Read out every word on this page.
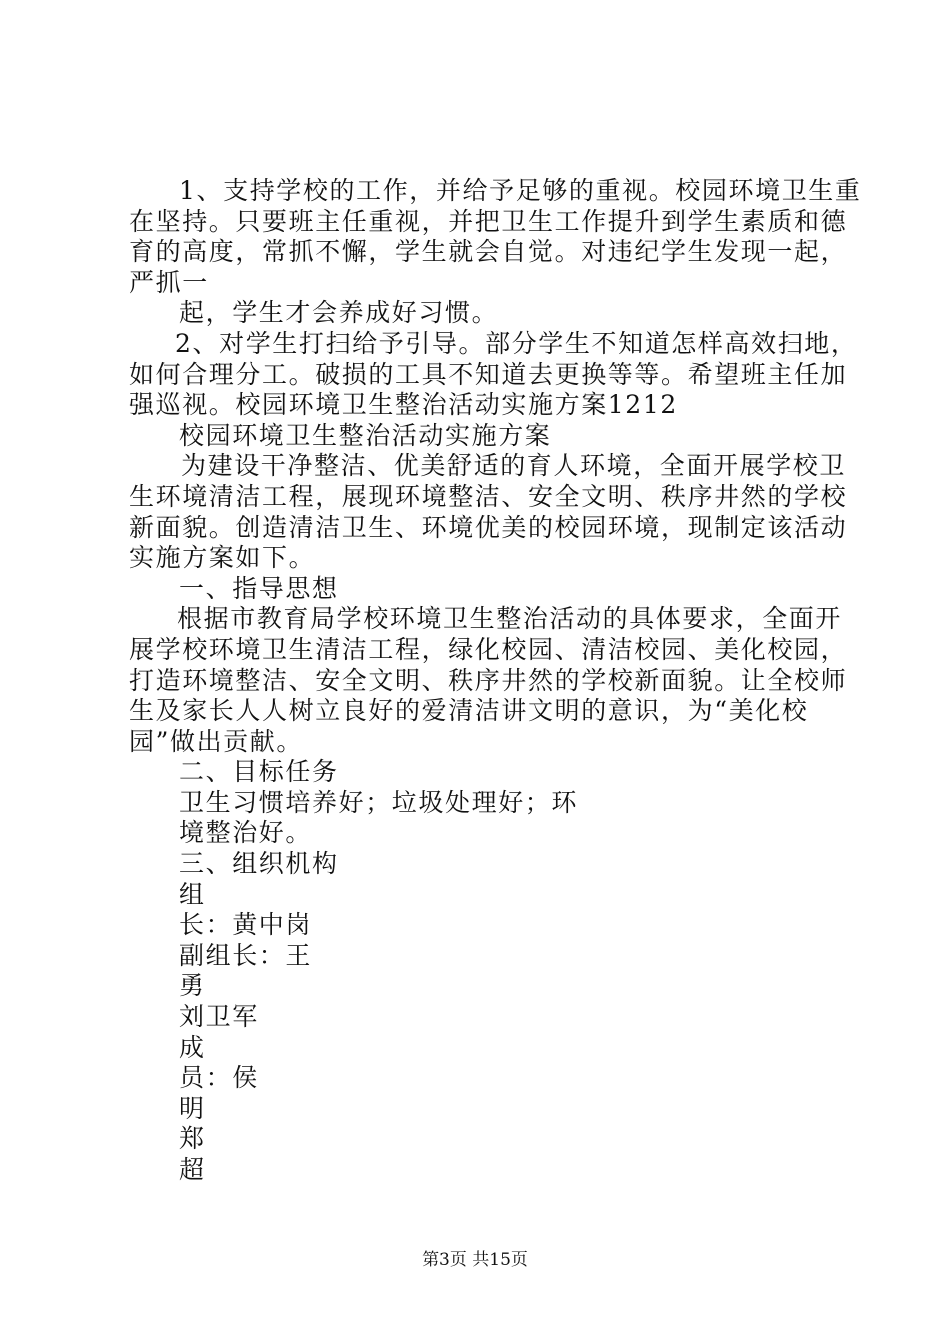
1、支持学校的工作，并给予足够的重视。校园环境卫生重
在坚持。只要班主任重视，并把卫生工作提升到学生素质和德
育的高度，常抓不懈，学生就会自觉。对违纪学生发现一起，
严抓一
起，学生才会养成好习惯。
2、对学生打扫给予引导。部分学生不知道怎样高效扫地，
如何合理分工。破损的工具不知道去更换等等。希望班主任加
强巡视。校园环境卫生整治活动实施方案1212
校园环境卫生整治活动实施方案
为建设干净整洁、优美舒适的育人环境，全面开展学校卫
生环境清洁工程，展现环境整洁、安全文明、秩序井然的学校
新面貌。创造清洁卫生、环境优美的校园环境，现制定该活动
实施方案如下。
一、指导思想
根据市教育局学校环境卫生整治活动的具体要求，全面开
展学校环境卫生清洁工程，绿化校园、清洁校园、美化校园，
打造环境整洁、安全文明、秩序井然的学校新面貌。让全校师
生及家长人人树立良好的爱清洁讲文明的意识，为“美化校
园”做出贡献。
二、目标任务
卫生习惯培养好；垃圾处理好；环
境整治好。
三、组织机构
组
长：黄中岗
副组长：王
勇
刘卫军
成
员：侯
明
郑
超
第3页 共15页
